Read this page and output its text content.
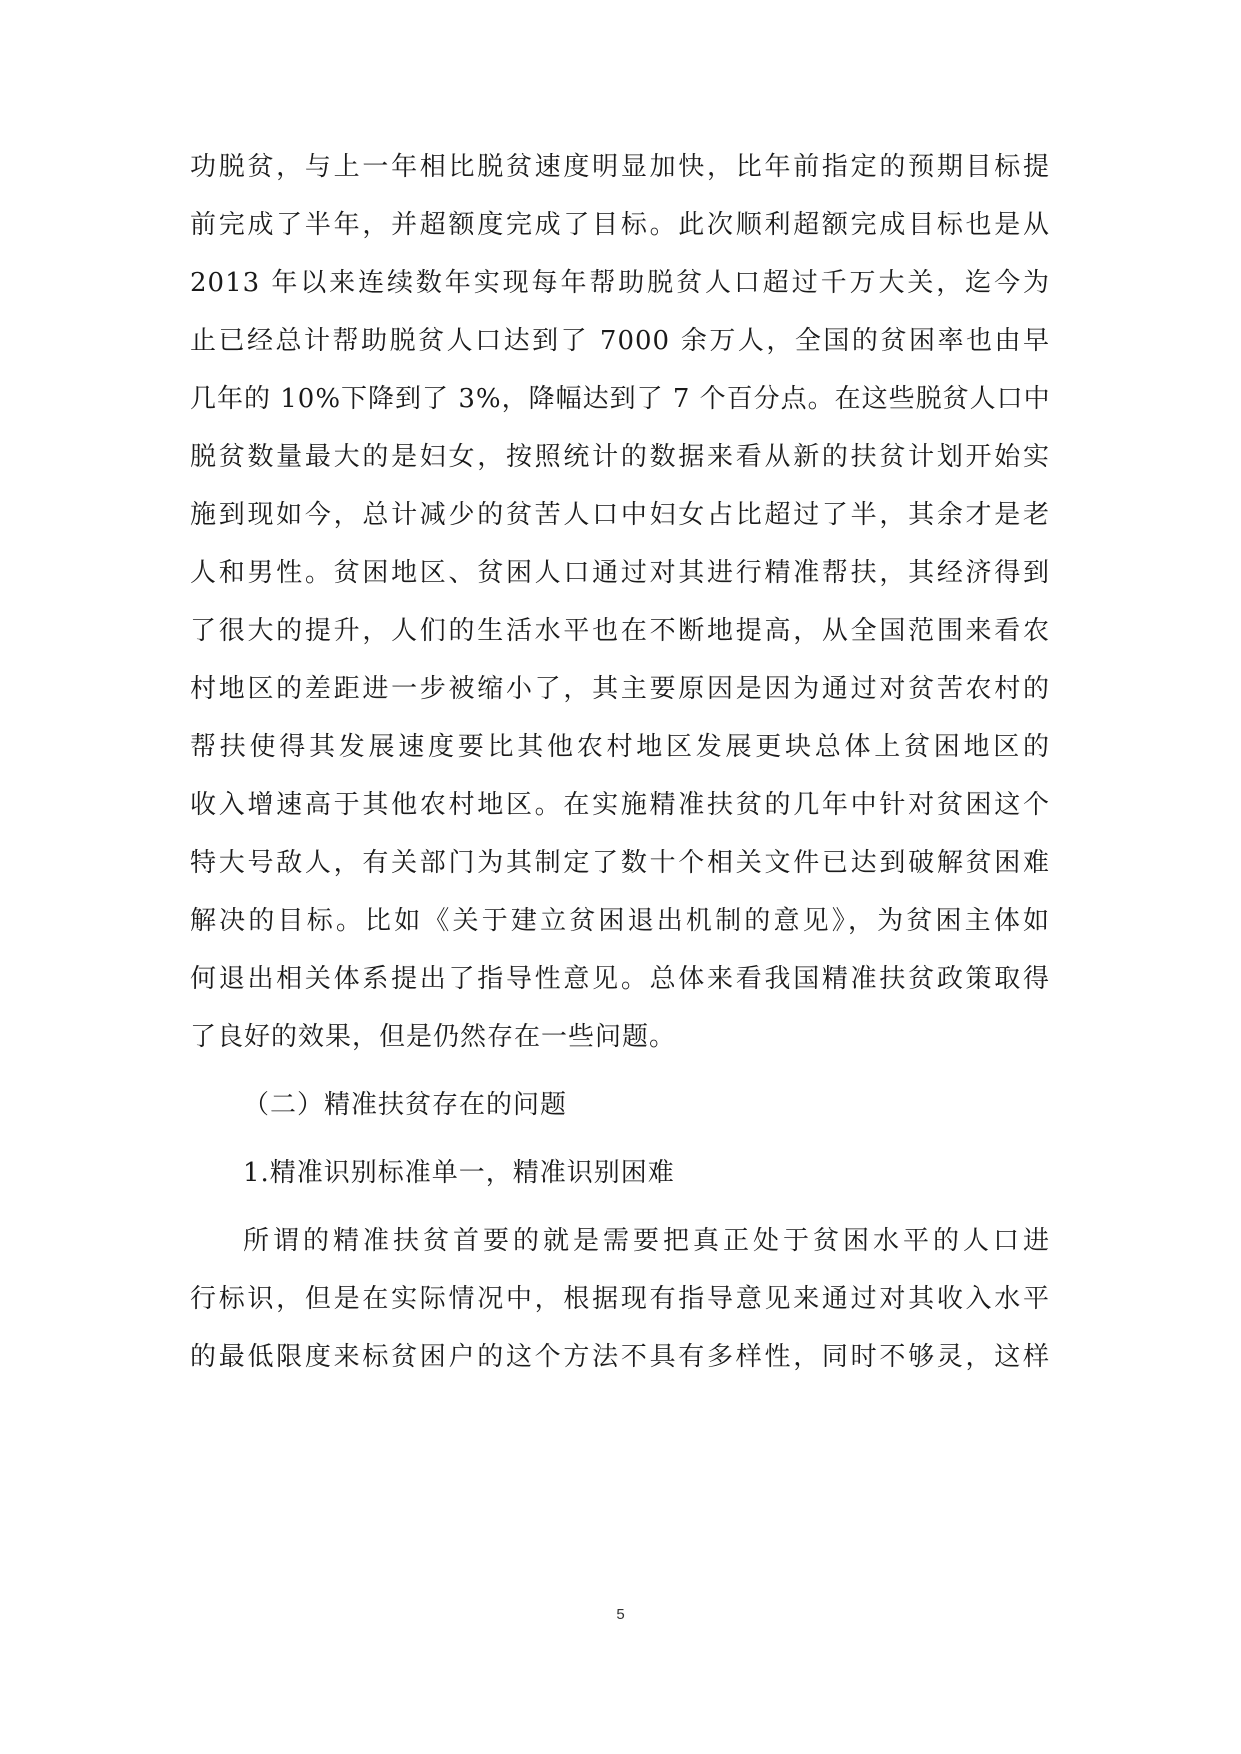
功脱贫，与上一年相比脱贫速度明显加快，比年前指定的预期目标提
前完成了半年，并超额度完成了目标。此次顺利超额完成目标也是从
2013 年以来连续数年实现每年帮助脱贫人口超过千万大关，迄今为
止已经总计帮助脱贫人口达到了 7000 余万人，全国的贫困率也由早
几年的 10%下降到了 3%，降幅达到了 7 个百分点。在这些脱贫人口中
脱贫数量最大的是妇女，按照统计的数据来看从新的扶贫计划开始实
施到现如今，总计减少的贫苦人口中妇女占比超过了半，其余才是老
人和男性。贫困地区、贫困人口通过对其进行精准帮扶，其经济得到
了很大的提升，人们的生活水平也在不断地提高，从全国范围来看农
村地区的差距进一步被缩小了，其主要原因是因为通过对贫苦农村的
帮扶使得其发展速度要比其他农村地区发展更块总体上贫困地区的
收入增速高于其他农村地区。在实施精准扶贫的几年中针对贫困这个
特大号敌人，有关部门为其制定了数十个相关文件已达到破解贫困难
解决的目标。比如《关于建立贫困退出机制的意见》，为贫困主体如
何退出相关体系提出了指导性意见。总体来看我国精准扶贫政策取得
了良好的效果，但是仍然存在一些问题。
（二）精准扶贫存在的问题
1.精准识别标准单一，精准识别困难
所谓的精准扶贫首要的就是需要把真正处于贫困水平的人口进
行标识，但是在实际情况中，根据现有指导意见来通过对其收入水平
的最低限度来标贫困户的这个方法不具有多样性，同时不够灵，这样
5
